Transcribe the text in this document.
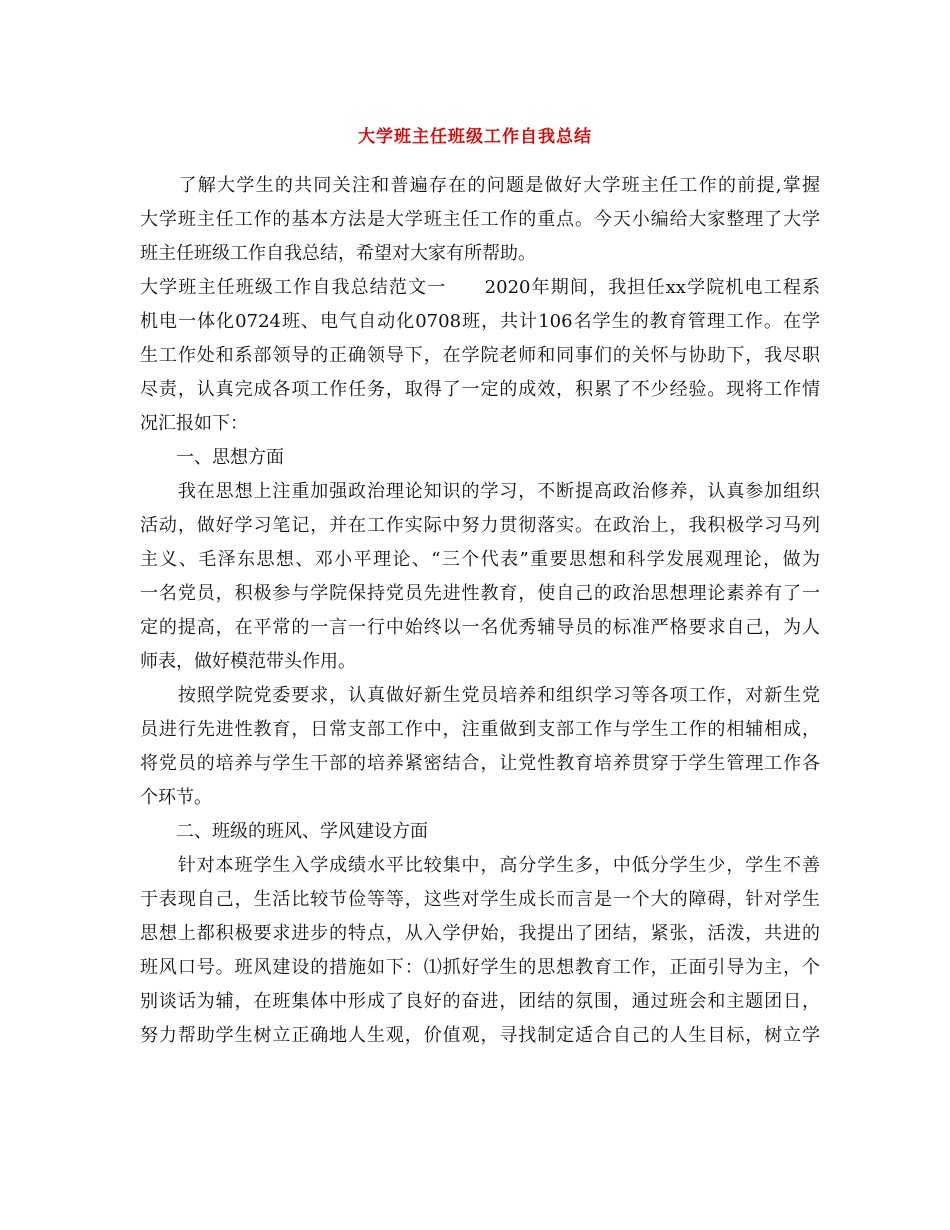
大学班主任班级工作自我总结
　　了解大学生的共同关注和普遍存在的问题是做好大学班主任工作的前提,掌握
大学班主任工作的基本方法是大学班主任工作的重点。今天小编给大家整理了大学
班主任班级工作自我总结，希望对大家有所帮助。
大学班主任班级工作自我总结范文一　　2020年期间，我担任xx学院机电工程系
机电一体化0724班、电气自动化0708班，共计106名学生的教育管理工作。在学
生工作处和系部领导的正确领导下，在学院老师和同事们的关怀与协助下，我尽职
尽责，认真完成各项工作任务，取得了一定的成效，积累了不少经验。现将工作情
况汇报如下：
　　一、思想方面
　　我在思想上注重加强政治理论知识的学习，不断提高政治修养，认真参加组织
活动，做好学习笔记，并在工作实际中努力贯彻落实。在政治上，我积极学习马列
主义、毛泽东思想、邓小平理论、“三个代表”重要思想和科学发展观理论，做为
一名党员，积极参与学院保持党员先进性教育，使自己的政治思想理论素养有了一
定的提高，在平常的一言一行中始终以一名优秀辅导员的标准严格要求自己，为人
师表，做好模范带头作用。
　　按照学院党委要求，认真做好新生党员培养和组织学习等各项工作，对新生党
员进行先进性教育，日常支部工作中，注重做到支部工作与学生工作的相辅相成，
将党员的培养与学生干部的培养紧密结合，让党性教育培养贯穿于学生管理工作各
个环节。
　　二、班级的班风、学风建设方面
　　针对本班学生入学成绩水平比较集中，高分学生多，中低分学生少，学生不善
于表现自己，生活比较节俭等等，这些对学生成长而言是一个大的障碍，针对学生
思想上都积极要求进步的特点，从入学伊始，我提出了团结，紧张，活泼，共进的
班风口号。班风建设的措施如下：⑴抓好学生的思想教育工作，正面引导为主，个
别谈话为辅，在班集体中形成了良好的奋进，团结的氛围，通过班会和主题团日，
努力帮助学生树立正确地人生观，价值观，寻找制定适合自己的人生目标，树立学
